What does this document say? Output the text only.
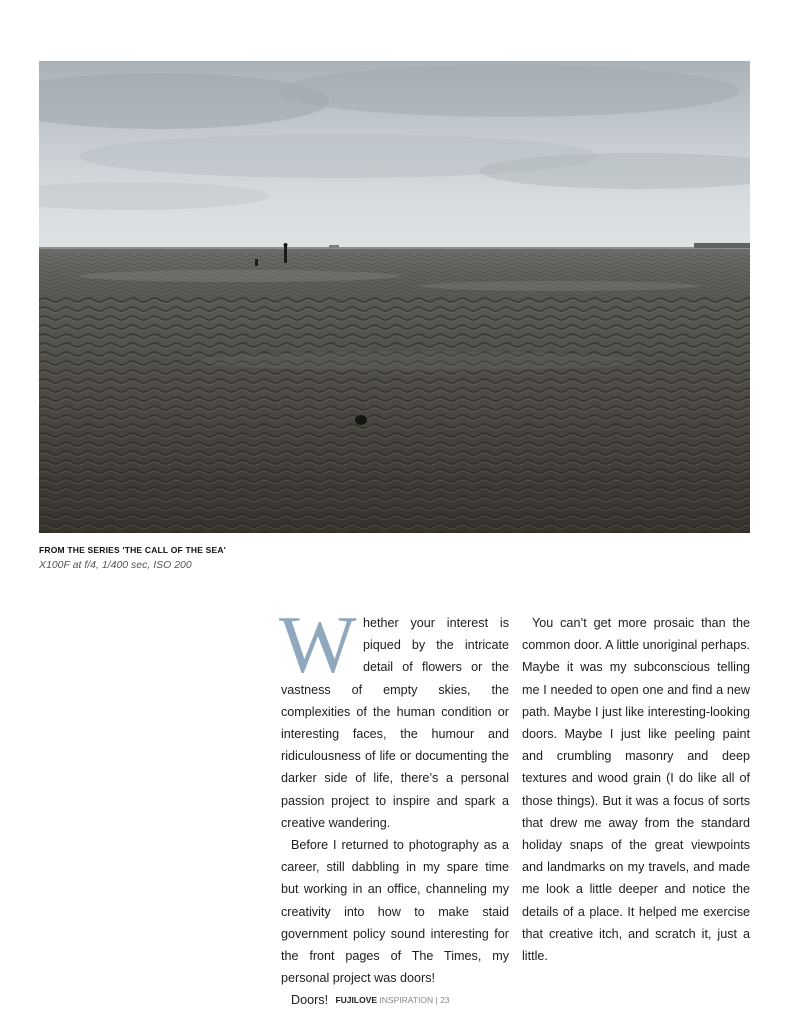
FROM THE SERIES 'THE CALL OF THE SEA'
X100F at f/4, 1/400 sec, ISO 200

Whether your interest is piqued by the intricate detail of flowers or the vastness of empty skies, the complexities of the human condition or interesting faces, the humour and ridiculousness of life or documenting the darker side of life, there’s a personal passion project to inspire and spark a creative wandering.

Before I returned to photography as a career, still dabbling in my spare time but working in an office, channeling my creativity into how to make staid government policy sound interesting for the front pages of The Times, my personal project was doors!

Doors!

You can’t get more prosaic than the common door. A little unoriginal perhaps. Maybe it was my subconscious telling me I needed to open one and find a new path. Maybe I just like interesting-looking doors. Maybe I just like peeling paint and crumbling masonry and deep textures and wood grain (I do like all of those things). But it was a focus of sorts that drew me away from the standard holiday snaps of the great viewpoints and landmarks on my travels, and made me look a little deeper and notice the details of a place. It helped me exercise that creative itch, and scratch it, just a little.

FUJILOVE INSPIRATION | 23
